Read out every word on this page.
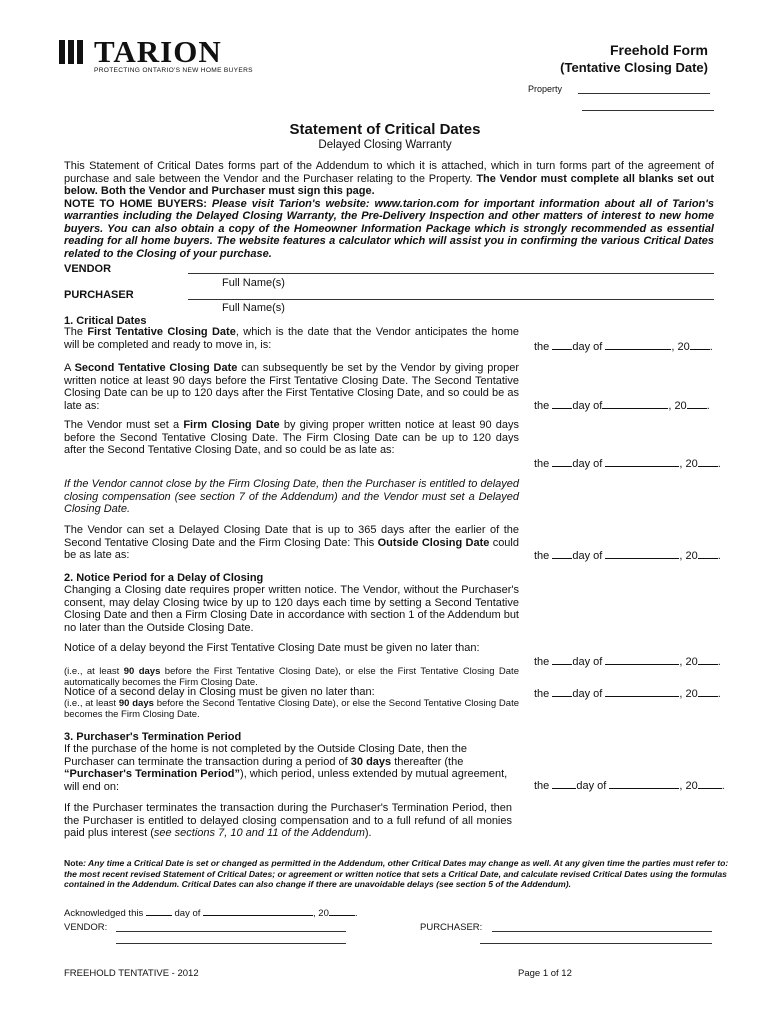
TARION
PROTECTING ONTARIO'S NEW HOME BUYERS
Freehold Form
(Tentative Closing Date)
Property
Statement of Critical Dates
Delayed Closing Warranty
This Statement of Critical Dates forms part of the Addendum to which it is attached, which in turn forms part of the agreement of purchase and sale between the Vendor and the Purchaser relating to the Property. The Vendor must complete all blanks set out below. Both the Vendor and Purchaser must sign this page.
NOTE TO HOME BUYERS: Please visit Tarion's website: www.tarion.com for important information about all of Tarion's warranties including the Delayed Closing Warranty, the Pre-Delivery Inspection and other matters of interest to new home buyers. You can also obtain a copy of the Homeowner Information Package which is strongly recommended as essential reading for all home buyers. The website features a calculator which will assist you in confirming the various Critical Dates related to the Closing of your purchase.
VENDOR
Full Name(s)
PURCHASER
Full Name(s)
1. Critical Dates
The First Tentative Closing Date, which is the date that the Vendor anticipates the home will be completed and ready to move in, is:	the day of	, 20 .
A Second Tentative Closing Date can subsequently be set by the Vendor by giving proper written notice at least 90 days before the First Tentative Closing Date. The Second Tentative Closing Date can be up to 120 days after the First Tentative Closing Date, and so could be as late as:	the day of	, 20 .
The Vendor must set a Firm Closing Date by giving proper written notice at least 90 days before the Second Tentative Closing Date. The Firm Closing Date can be up to 120 days after the Second Tentative Closing Date, and so could be as late as:
the day of	, 20 .
If the Vendor cannot close by the Firm Closing Date, then the Purchaser is entitled to delayed closing compensation (see section 7 of the Addendum) and the Vendor must set a Delayed Closing Date.
The Vendor can set a Delayed Closing Date that is up to 365 days after the earlier of the Second Tentative Closing Date and the Firm Closing Date: This Outside Closing Date could be as late as:	the day of	, 20 .
2. Notice Period for a Delay of Closing
Changing a Closing date requires proper written notice. The Vendor, without the Purchaser's consent, may delay Closing twice by up to 120 days each time by setting a Second Tentative Closing Date and then a Firm Closing Date in accordance with section 1 of the Addendum but no later than the Outside Closing Date.
Notice of a delay beyond the First Tentative Closing Date must be given no later than:
(i.e., at least 90 days before the First Tentative Closing Date), or else the First Tentative Closing Date automatically becomes the Firm Closing Date.
the day of	, 20 .
Notice of a second delay in Closing must be given no later than:
(i.e., at least 90 days before the Second Tentative Closing Date), or else the Second Tentative Closing Date becomes the Firm Closing Date.
the day of	, 20 .
3. Purchaser's Termination Period
If the purchase of the home is not completed by the Outside Closing Date, then the Purchaser can terminate the transaction during a period of 30 days thereafter (the “Purchaser's Termination Period”), which period, unless extended by mutual agreement, will end on:	the day of	, 20 .
If the Purchaser terminates the transaction during the Purchaser's Termination Period, then the Purchaser is entitled to delayed closing compensation and to a full refund of all monies paid plus interest (see sections 7, 10 and 11 of the Addendum).
Note: Any time a Critical Date is set or changed as permitted in the Addendum, other Critical Dates may change as well. At any given time the parties must refer to: the most recent revised Statement of Critical Dates; or agreement or written notice that sets a Critical Date, and calculate revised Critical Dates using the formulas contained in the Addendum. Critical Dates can also change if there are unavoidable delays (see section 5 of the Addendum).
Acknowledged this	day of	, 20	.
VENDOR:	PURCHASER:
FREEHOLD TENTATIVE - 2012	Page 1 of 12
